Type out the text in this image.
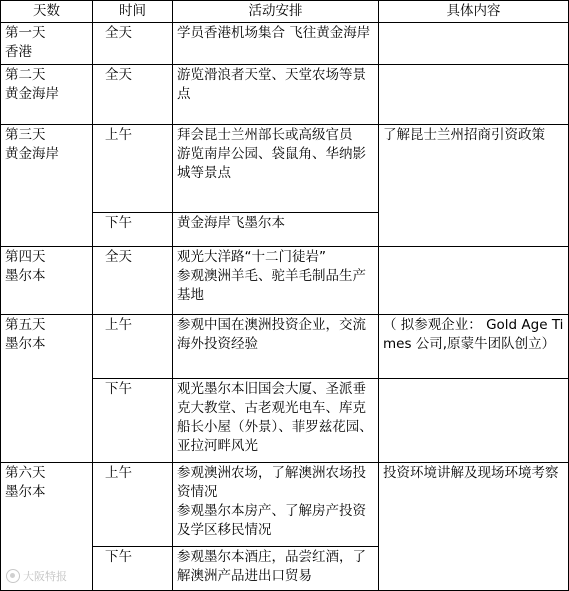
天数	时间	活动安排	具体内容

第一天
香港	全天	学员香港机场集合 飞往黄金海岸	

第二天
黄金海岸	全天	游览滑浪者天堂、天堂农场等景点	

第三天
黄金海岸	上午	拜会昆士兰州部长或高级官员
游览南岸公园、袋鼠角、华纳影城等景点	了解昆士兰州招商引资政策

	下午	黄金海岸飞墨尔本	

第四天
墨尔本	全天	观光大洋路“十二门徒岩”
参观澳洲羊毛、驼羊毛制品生产基地	

第五天
墨尔本	上午	参观中国在澳洲投资企业，交流海外投资经验	（ 拟参观企业： Gold Age Times 公司,原蒙牛团队创立）

	下午	观光墨尔本旧国会大厦、圣派垂克大教堂、古老观光电车、库克船长小屋（外景）、菲罗兹花园、亚拉河畔风光	

第六天
墨尔本	上午	参观澳洲农场，了解澳洲农场投资情况
参观墨尔本房产、了解房产投资及学区移民情况	投资环境讲解及现场环境考察

	下午	参观墨尔本酒庄，品尝红酒，了解澳洲产品进出口贸易	
大阪特报
